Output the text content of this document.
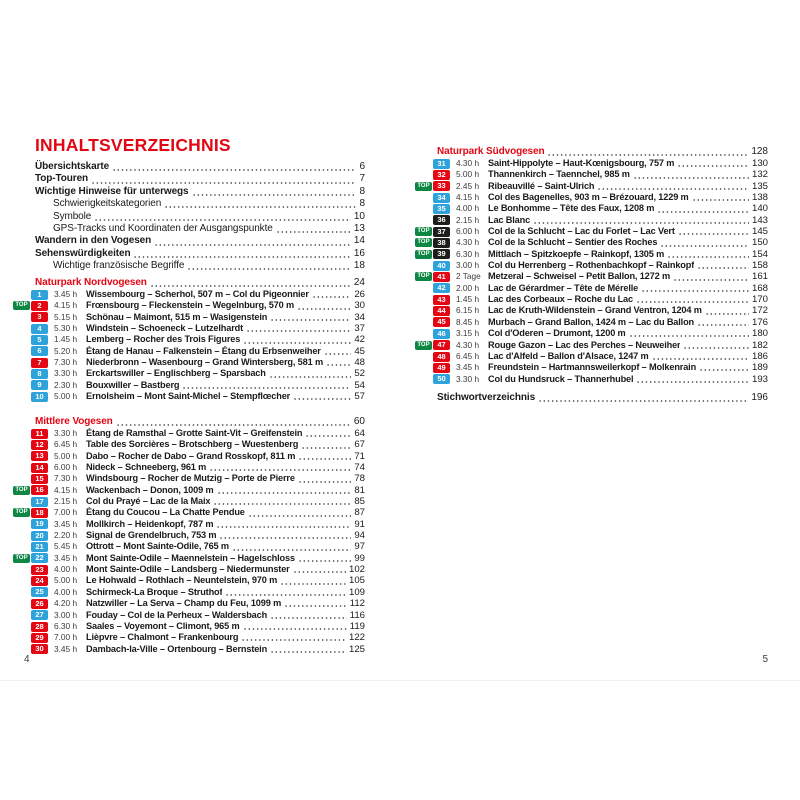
INHALTSVERZEICHNIS
Übersichtskarte	6
Top-Touren	7
Wichtige Hinweise für unterwegs	8
Schwierigkeitskategorien	8
Symbole	10
GPS-Tracks und Koordinaten der Ausgangspunkte	13
Wandern in den Vogesen	14
Sehenswürdigkeiten	16
Wichtige französische Begriffe	18
Naturpark Nordvogesen	24
1	3.45 h Wissembourg – Scherhol, 507 m – Col du Pigeonnier	26
TOP	2	4.15 h Frœnsbourg – Fleckenstein – Wegelnburg, 570 m	30
3	5.15 h Schönau – Maimont, 515 m – Wasigenstein	34
4	5.30 h Windstein – Schoeneck – Lutzelhardt	37
5	1.45 h Lemberg – Rocher des Trois Figures	42
6	5.20 h Étang de Hanau – Falkenstein – Étang du Erbsenweiher	45
7	7.30 h Niederbronn – Wasenbourg – Grand Wintersberg, 581 m	48
8	3.30 h Erckartswiller – Englischberg – Sparsbach	52
9	2.30 h Bouxwiller – Bastberg	54
10	5.00 h Ernolsheim – Mont Saint-Michel – Stempflœcher	57
Mittlere Vogesen	60
11	3.30 h Étang de Ramsthal – Grotte Saint-Vit – Greifenstein	64
12	6.45 h Table des Sorcières – Brotschberg – Wuestenberg	67
13	5.00 h Dabo – Rocher de Dabo – Grand Rosskopf, 811 m	71
14	6.00 h Nideck – Schneeberg, 961 m	74
15	7.30 h Windsbourg – Rocher de Mutzig – Porte de Pierre	78
TOP	16	4.15 h Wackenbach – Donon, 1009 m	81
17	2.15 h Col du Prayé – Lac de la Maix	85
TOP	18	7.00 h Étang du Coucou – La Chatte Pendue	87
19	3.45 h Mollkirch – Heidenkopf, 787 m	91
20	2.20 h Signal de Grendelbruch, 753 m	94
21	5.45 h Ottrott – Mont Sainte-Odile, 765 m	97
TOP	22	3.45 h Mont Sainte-Odile – Maennelstein – Hagelschloss	99
23	4.00 h Mont Sainte-Odile – Landsberg – Niedermunster	102
24	5.00 h Le Hohwald – Rothlach – Neuntelstein, 970 m	105
25	4.00 h Schirmeck-La Broque – Struthof	109
26	4.20 h Natzwiller – La Serva – Champ du Feu, 1099 m	112
27	3.00 h Fouday – Col de la Perheux – Waldersbach	116
28	6.30 h Saales – Voyemont – Climont, 965 m	119
29	7.00 h Lièpvre – Chalmont – Frankenbourg	122
30	3.45 h Dambach-la-Ville – Ortenbourg – Bernstein	125
Naturpark Südvogesen	128
31	4.30 h Saint-Hippolyte – Haut-Kœnigsbourg, 757 m	130
32	5.00 h Thannenkirch – Taennchel, 985 m	132
TOP	33	2.45 h Ribeauvillé – Saint-Ulrich	135
34	4.15 h Col des Bagenelles, 903 m – Brézouard, 1229 m	138
35	4.00 h Le Bonhomme – Tête des Faux, 1208 m	140
36	2.15 h Lac Blanc	143
TOP	37	6.00 h Col de la Schlucht – Lac du Forlet – Lac Vert	145
TOP	38	4.30 h Col de la Schlucht – Sentier des Roches	150
TOP	39	6.30 h Mittlach – Spitzkoepfe – Rainkopf, 1305 m	154
40	3.00 h Col du Herrenberg – Rothenbachkopf – Rainkopf	158
TOP	41	2 Tage Metzeral – Schweisel – Petit Ballon, 1272 m	161
42	2.00 h Lac de Gérardmer – Tête de Mérelle	168
43	1.45 h Lac des Corbeaux – Roche du Lac	170
44	6.15 h Lac de Kruth-Wildenstein – Grand Ventron, 1204 m	172
45	8.45 h Murbach – Grand Ballon, 1424 m – Lac du Ballon	176
46	3.15 h Col d'Oderen – Drumont, 1200 m	180
TOP	47	4.30 h Rouge Gazon – Lac des Perches – Neuweiher	182
48	6.45 h Lac d'Alfeld – Ballon d'Alsace, 1247 m	186
49	3.45 h Freundstein – Hartmannsweilerkopf – Molkenrain	189
50	3.30 h Col du Hundsruck – Thannerhubel	193
Stichwortverzeichnis	196
4	5
